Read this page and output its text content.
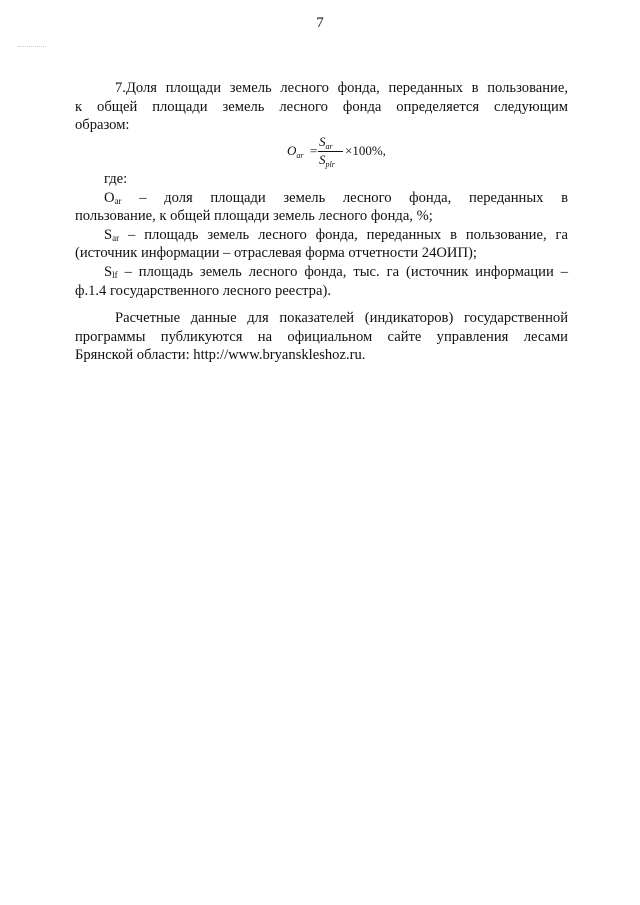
7
7.Доля площади земель лесного фонда, переданных в пользование,
к общей площади земель лесного фонда определяется следующим
образом:
$O_{ar}$ =
$S_{ar}$
$S_{plr}$
×100%,
где:
$O_{ar}$ – доля площади земель лесного фонда, переданных в
пользование, к общей площади земель лесного фонда, %;
$S_{ar}$ – площадь земель лесного фонда, переданных в пользование, га
(источник информации – отраслевая форма отчетности 24ОИП);
$S_{lf}$ – площадь земель лесного фонда, тыс. га (источник информации –
ф.1.4 государственного лесного реестра).
Расчетные данные для показателей (индикаторов) государственной
программы публикуются на официальном сайте управления лесами
Брянской области: http://www.bryanskleshoz.ru.
